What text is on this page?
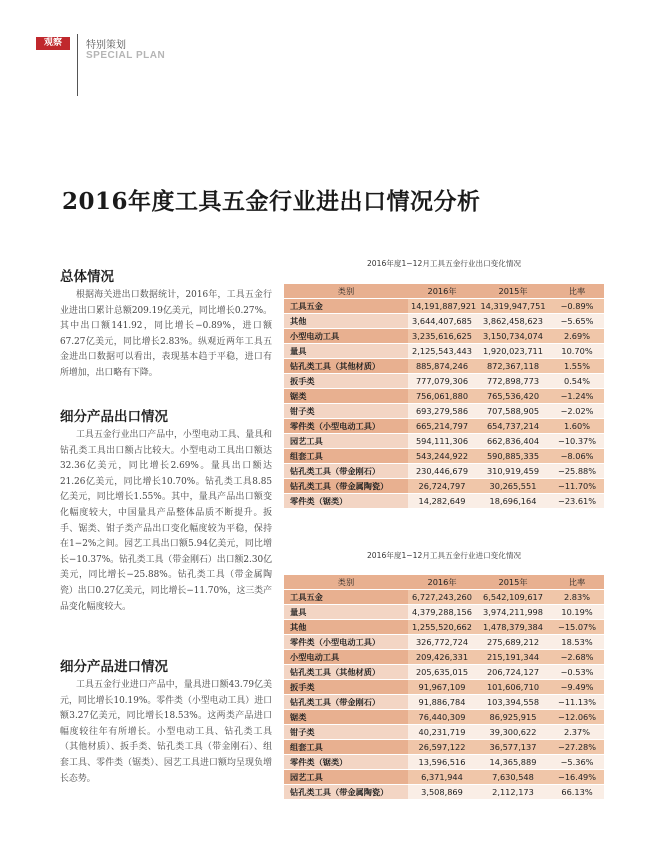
观察	特别策划
SPECIAL PLAN
2016年度工具五金行业进出口情况分析
总体情况

根据海关进出口数据统计，2016年，工具五金行业进出口累计总额209.19亿美元，同比增长0.27%。其中出口额141.92，同比增长−0.89%，进口额67.27亿美元，同比增长2.83%。纵观近两年工具五金进出口数据可以看出，表现基本趋于平稳，进口有所增加，出口略有下降。

细分产品出口情况

工具五金行业出口产品中，小型电动工具、量具和钻孔类工具出口额占比较大。小型电动工具出口额达32.36亿美元，同比增长2.69%。量具出口额达21.26亿美元，同比增长10.70%。钻孔类工具8.85亿美元，同比增长1.55%。其中，量具产品出口额变化幅度较大，中国量具产品整体品质不断提升。扳手、锯类、钳子类产品出口变化幅度较为平稳，保持在1−2%之间。园艺工具出口额5.94亿美元，同比增长−10.37%。钻孔类工具（带金刚石）出口额2.30亿美元，同比增长−25.88%。钻孔类工具（带金属陶瓷）出口0.27亿美元，同比增长−11.70%，这三类产品变化幅度较大。

细分产品进口情况

工具五金行业进口产品中，量具进口额43.79亿美元，同比增长10.19%。零件类（小型电动工具）进口额3.27亿美元，同比增长18.53%。这两类产品进口幅度较往年有所增长。小型电动工具、钻孔类工具（其他材质）、扳手类、钻孔类工具（带金刚石）、组套工具、零件类（锯类）、园艺工具进口额均呈现负增长态势。

2016年度1−12月工具五金行业出口变化情况
类别	2016年	2015年	比率
工具五金	14,191,887,921	14,319,947,751	−0.89%
其他	3,644,407,685	3,862,458,623	−5.65%
小型电动工具	3,235,616,625	3,150,734,074	2.69%
量具	2,125,543,443	1,920,023,711	10.70%
钻孔类工具（其他材质）	885,874,246	872,367,118	1.55%
扳手类	777,079,306	772,898,773	0.54%
锯类	756,061,880	765,536,420	−1.24%
钳子类	693,279,586	707,588,905	−2.02%
零件类（小型电动工具）	665,214,797	654,737,214	1.60%
园艺工具	594,111,306	662,836,404	−10.37%
组套工具	543,244,922	590,885,335	−8.06%
钻孔类工具（带金刚石）	230,446,679	310,919,459	−25.88%
钻孔类工具（带金属陶瓷）	26,724,797	30,265,551	−11.70%
零件类（锯类）	14,282,649	18,696,164	−23.61%
2016年度1−12月工具五金行业进口变化情况
类别	2016年	2015年	比率
工具五金	6,727,243,260	6,542,109,617	2.83%
量具	4,379,288,156	3,974,211,998	10.19%
其他	1,255,520,662	1,478,379,384	−15.07%
零件类（小型电动工具）	326,772,724	275,689,212	18.53%
小型电动工具	209,426,331	215,191,344	−2.68%
钻孔类工具（其他材质）	205,635,015	206,724,127	−0.53%
扳手类	91,967,109	101,606,710	−9.49%
钻孔类工具（带金刚石）	91,886,784	103,394,558	−11.13%
锯类	76,440,309	86,925,915	−12.06%
钳子类	40,231,719	39,300,622	2.37%
组套工具	26,597,122	36,577,137	−27.28%
零件类（锯类）	13,596,516	14,365,889	−5.36%
园艺工具	6,371,944	7,630,548	−16.49%
钻孔类工具（带金属陶瓷）	3,508,869	2,112,173	66.13%
